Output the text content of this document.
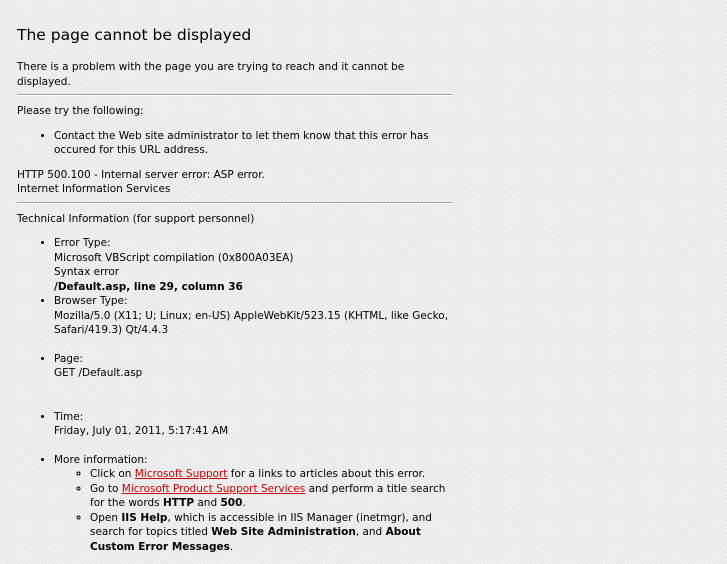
The page cannot be displayed

There is a problem with the page you are trying to reach and it cannot be displayed.

Please try the following:

• Contact the Web site administrator to let them know that this error has occured for this URL address.

HTTP 500.100 - Internal server error: ASP error.

Internet Information Services

Technical Information (for support personnel)

• Error Type:
Microsoft VBScript compilation (0x800A03EA)
Syntax error
/Default.asp, line 29, column 36
• Browser Type:
Mozilla/5.0 (X11; U; Linux; en-US) AppleWebKit/523.15 (KHTML, like Gecko, Safari/419.3) Qt/4.4.3
• Page:
GET /Default.asp
• Time:
Friday, July 01, 2011, 5:17:41 AM
• More information:
◦ Click on Microsoft Support for a links to articles about this error.
◦ Go to Microsoft Product Support Services and perform a title search for the words HTTP and 500.
◦ Open IIS Help, which is accessible in IIS Manager (inetmgr), and search for topics titled Web Site Administration, and About Custom Error Messages.
